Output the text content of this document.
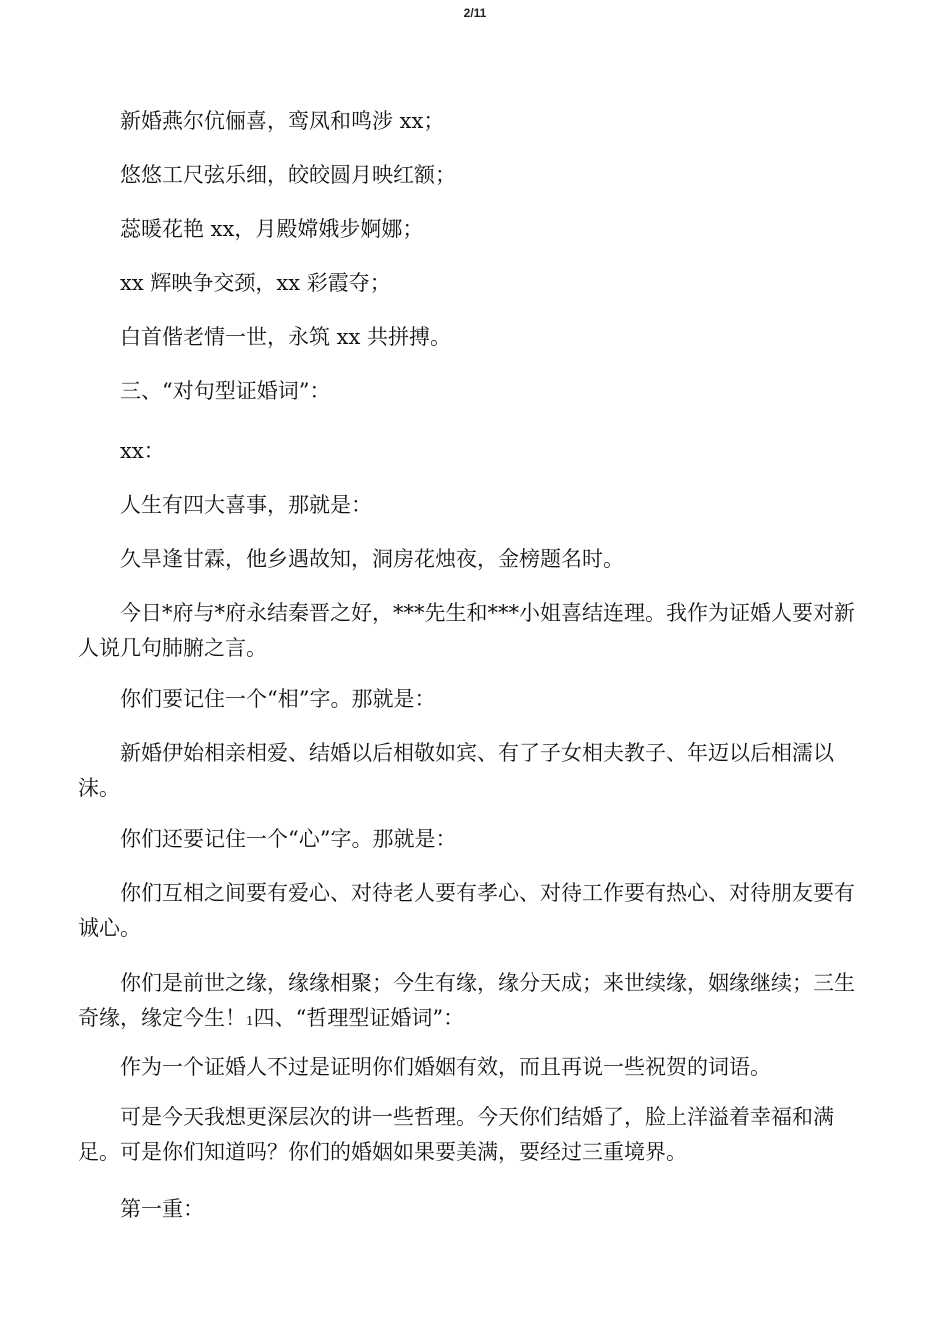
2/11

新婚燕尔伉俪喜，鸾凤和鸣涉 xx；

悠悠工尺弦乐细，皎皎圆月映红额；

蕊暖花艳 xx，月殿嫦娥步婀娜；

xx 辉映争交颈，xx 彩霞夺；

白首偕老情一世，永筑 xx 共拼搏。

三、“对句型证婚词”：

xx：

人生有四大喜事，那就是：

久旱逢甘霖，他乡遇故知，洞房花烛夜，金榜题名时。

今日*府与*府永结秦晋之好，***先生和***小姐喜结连理。我作为证婚人要对新人说几句肺腑之言。

你们要记住一个“相”字。那就是：

新婚伊始相亲相爱、结婚以后相敬如宾、有了子女相夫教子、年迈以后相濡以沫。

你们还要记住一个“心”字。那就是：

你们互相之间要有爱心、对待老人要有孝心、对待工作要有热心、对待朋友要有诚心。

你们是前世之缘，缘缘相聚；今生有缘，缘分天成；来世续缘，姻缘继续；三生奇缘，缘定今生！1四、“哲理型证婚词”：

作为一个证婚人不过是证明你们婚姻有效，而且再说一些祝贺的词语。

可是今天我想更深层次的讲一些哲理。今天你们结婚了，脸上洋溢着幸福和满足。可是你们知道吗？你们的婚姻如果要美满，要经过三重境界。

第一重：
